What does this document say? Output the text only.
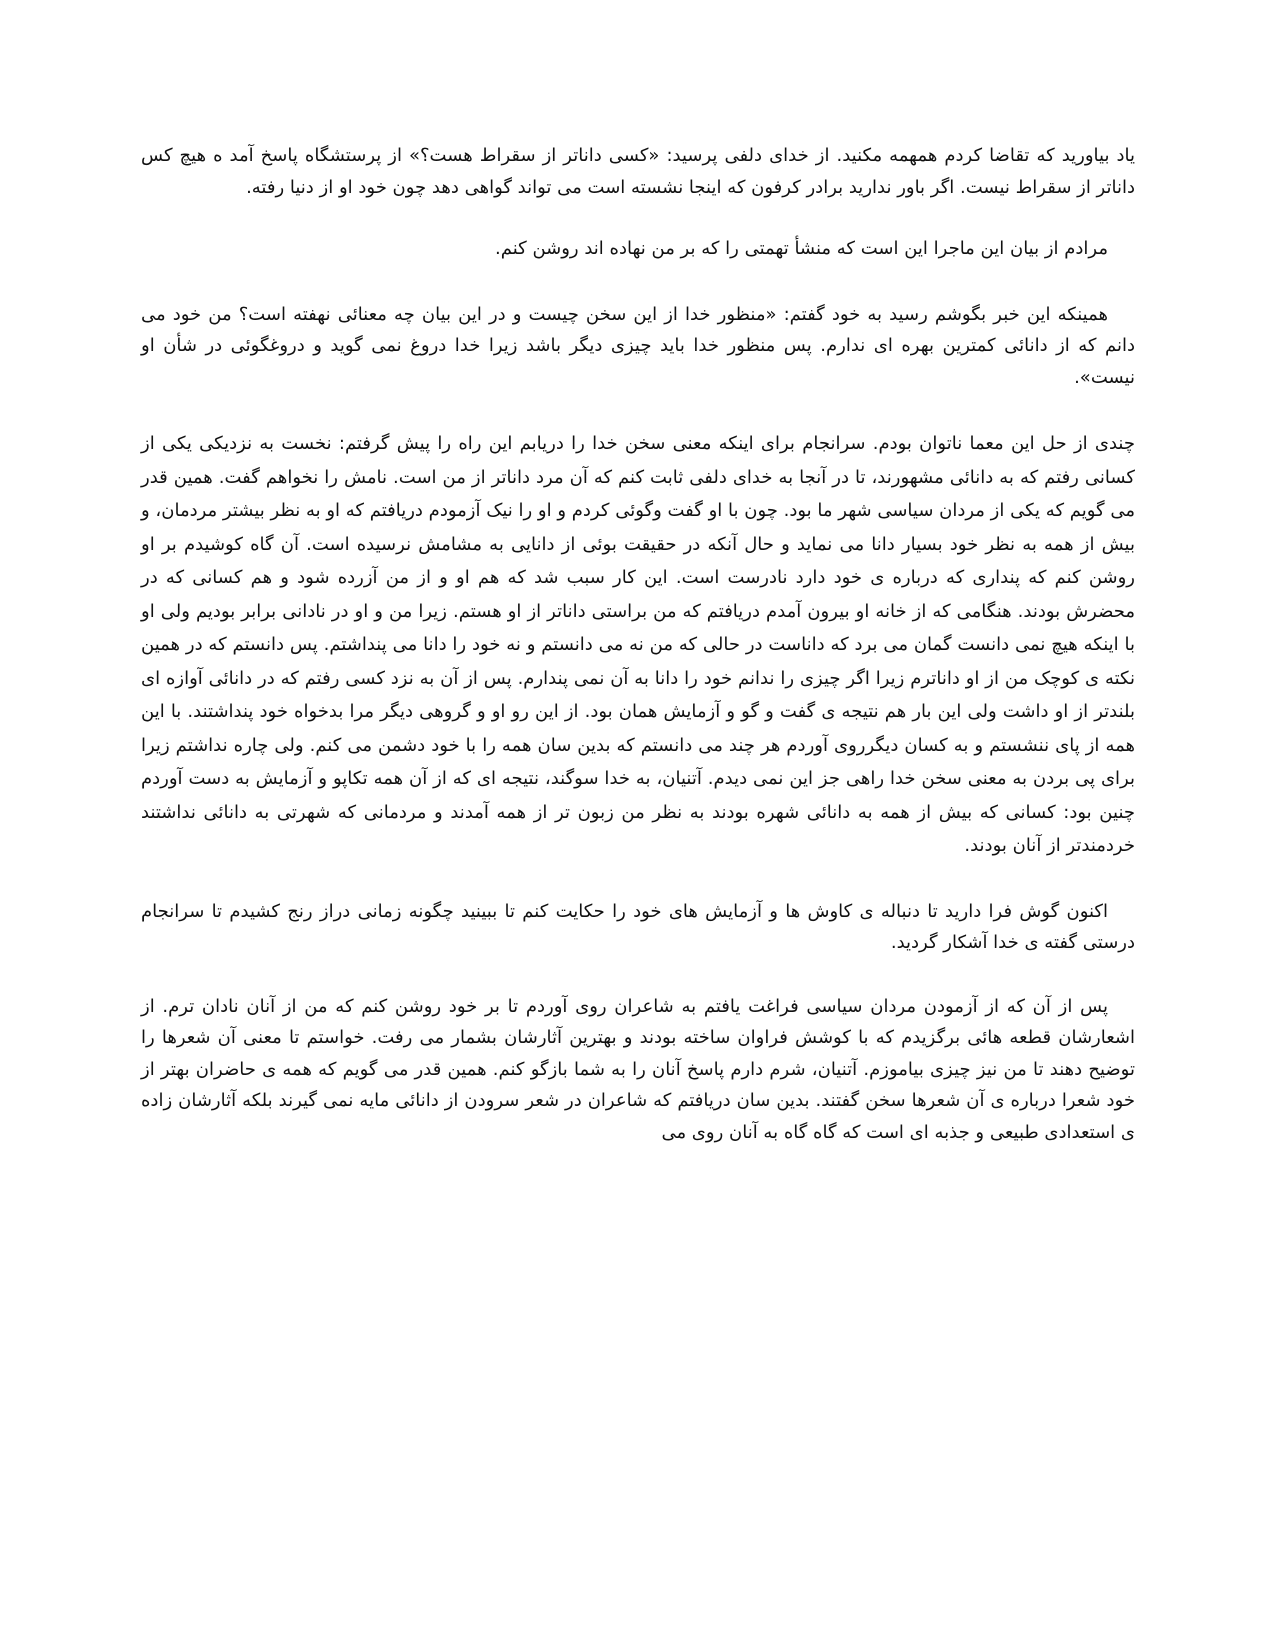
یاد بیاورید که تقاضا کردم همهمه مکنید. از خدای دلفی پرسید: «کسی داناتر از سقراط هست؟» از پرستشگاه پاسخ آمد ه هیچ کس داناتر از سقراط نیست. اگر باور ندارید برادر کرفون که اینجا نشسته است می تواند گواهی دهد چون خود او از دنیا رفته.

مرادم از بیان این ماجرا این است که منشأ تهمتی را که بر من نهاده اند روشن کنم.

همینکه این خبر بگوشم رسید به خود گفتم: «منظور خدا از این سخن چیست و در این بیان چه معنائی نهفته است؟ من خود می دانم که از دانائی کمترین بهره ای ندارم. پس منظور خدا باید چیزی دیگر باشد زیرا خدا دروغ نمی گوید و دروغگوئی در شأن او نیست».

چندی از حل این معما ناتوان بودم. سرانجام برای اینکه معنی سخن خدا را دریابم این راه را پیش گرفتم: نخست به نزدیکی یکی از کسانی رفتم که به دانائی مشهورند، تا در آنجا به خدای دلفی ثابت کنم که آن مرد داناتر از من است. نامش را نخواهم گفت. همین قدر می گویم که یکی از مردان سیاسی شهر ما بود. چون با او گفت وگوئی کردم و او را نیک آزمودم دریافتم که او به نظر بیشتر مردمان، و بیش از همه به نظر خود بسیار دانا می نماید و حال آنکه در حقیقت بوئی از دانایی به مشامش نرسیده است. آن گاه کوشیدم بر او روشن کنم که پنداری که درباره ی خود دارد نادرست است. این کار سبب شد که هم او و از من آزرده شود و هم کسانی که در محضرش بودند. هنگامی که از خانه او بیرون آمدم دریافتم که من براستی داناتر از او هستم. زیرا من و او در نادانی برابر بودیم ولی او با اینکه هیچ نمی دانست گمان می برد که داناست در حالی که من نه می دانستم و نه خود را دانا می پنداشتم. پس دانستم که در همین نکته ی کوچک من از او داناترم زیرا اگر چیزی را ندانم خود را دانا به آن نمی پندارم. پس از آن به نزد کسی رفتم که در دانائی آوازه ای بلندتر از او داشت ولی این بار هم نتیجه ی گفت و گو و آزمایش همان بود. از این رو او و گروهی دیگر مرا بدخواه خود پنداشتند. با این همه از پای ننشستم و به کسان دیگرروی آوردم هر چند می دانستم که بدین سان همه را با خود دشمن می کنم. ولی چاره نداشتم زیرا برای پی بردن به معنی سخن خدا راهی جز این نمی دیدم. آتنیان، به خدا سوگند، نتیجه ای که از آن همه تکاپو و آزمایش به دست آوردم چنین بود: کسانی که بیش از همه به دانائی شهره بودند به نظر من زبون تر از همه آمدند و مردمانی که شهرتی به دانائی نداشتند خردمندتر از آنان بودند.

اکنون گوش فرا دارید تا دنباله ی کاوش ها و آزمایش های خود را حکایت کنم تا ببینید چگونه زمانی دراز رنج کشیدم تا سرانجام درستی گفته ی خدا آشکار گردید.

پس از آن که از آزمودن مردان سیاسی فراغت یافتم به شاعران روی آوردم تا بر خود روشن کنم که من از آنان نادان ترم. از اشعارشان قطعه هائی برگزیدم که با کوشش فراوان ساخته بودند و بهترین آثارشان بشمار می رفت. خواستم تا معنی آن شعرها را توضیح دهند تا من نیز چیزی بیاموزم. آتنیان، شرم دارم پاسخ آنان را به شما بازگو کنم. همین قدر می گویم که همه ی حاضران بهتر از خود شعرا درباره ی آن شعرها سخن گفتند. بدین سان دریافتم که شاعران در شعر سرودن از دانائی مایه نمی گیرند بلکه آثارشان زاده ی استعدادی طبیعی و جذبه ای است که گاه گاه به آنان روی می
